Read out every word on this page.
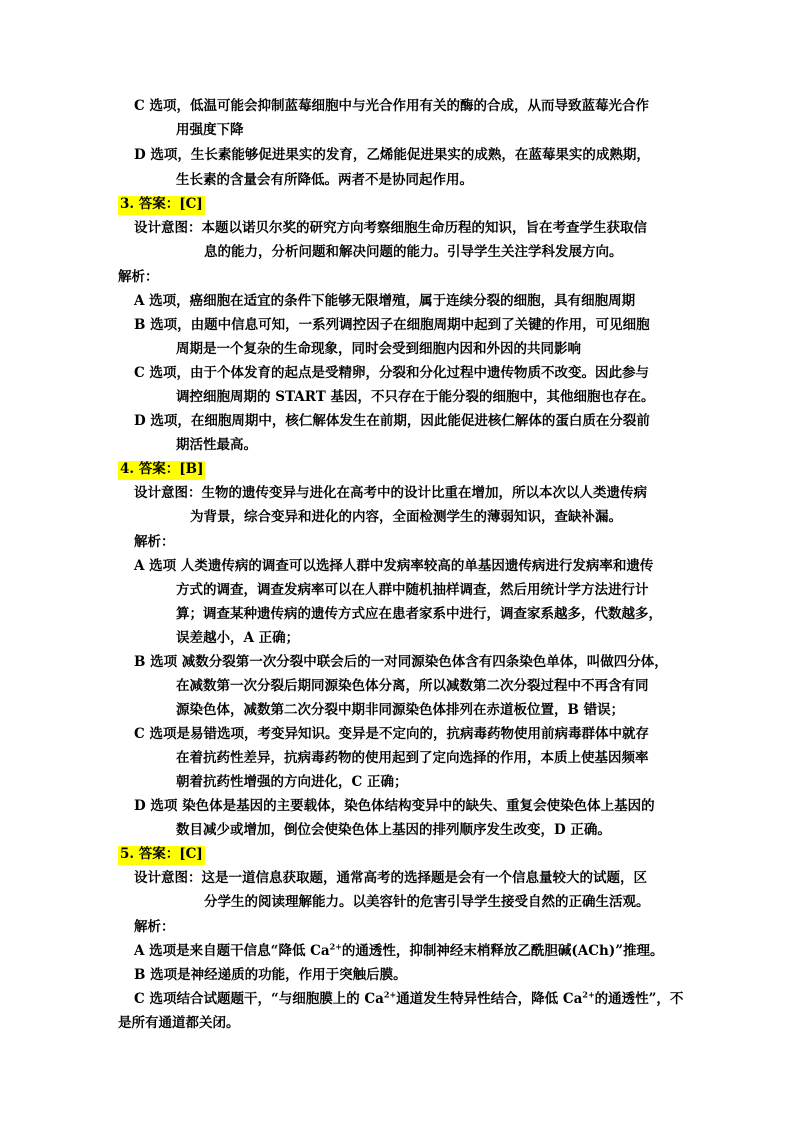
C 选项，低温可能会抑制蓝莓细胞中与光合作用有关的酶的合成，从而导致蓝莓光合作
用强度下降
D 选项，生长素能够促进果实的发育，乙烯能促进果实的成熟，在蓝莓果实的成熟期，
生长素的含量会有所降低。两者不是协同起作用。
3. 答案：[C]
设计意图：本题以诺贝尔奖的研究方向考察细胞生命历程的知识，旨在考查学生获取信
息的能力，分析问题和解决问题的能力。引导学生关注学科发展方向。
解析：
A 选项，癌细胞在适宜的条件下能够无限增殖，属于连续分裂的细胞，具有细胞周期
B 选项，由题中信息可知，一系列调控因子在细胞周期中起到了关键的作用，可见细胞
周期是一个复杂的生命现象，同时会受到细胞内因和外因的共同影响
C 选项，由于个体发育的起点是受精卵，分裂和分化过程中遗传物质不改变。因此参与
调控细胞周期的 START 基因，不只存在于能分裂的细胞中，其他细胞也存在。
D 选项，在细胞周期中，核仁解体发生在前期，因此能促进核仁解体的蛋白质在分裂前
期活性最高。
4. 答案：[B]
设计意图：生物的遗传变异与进化在高考中的设计比重在增加，所以本次以人类遗传病
为背景，综合变异和进化的内容，全面检测学生的薄弱知识，查缺补漏。
解析：
A 选项 人类遗传病的调查可以选择人群中发病率较高的单基因遗传病进行发病率和遗传
方式的调查，调查发病率可以在人群中随机抽样调查，然后用统计学方法进行计
算；调查某种遗传病的遗传方式应在患者家系中进行，调查家系越多，代数越多，
误差越小，A 正确；
B 选项 减数分裂第一次分裂中联会后的一对同源染色体含有四条染色单体，叫做四分体，
在减数第一次分裂后期同源染色体分离，所以减数第二次分裂过程中不再含有同
源染色体，减数第二次分裂中期非同源染色体排列在赤道板位置，B 错误；
C 选项是易错选项，考变异知识。变异是不定向的，抗病毒药物使用前病毒群体中就存
在着抗药性差异，抗病毒药物的使用起到了定向选择的作用，本质上使基因频率
朝着抗药性增强的方向进化，C 正确；
D 选项 染色体是基因的主要载体，染色体结构变异中的缺失、重复会使染色体上基因的
数目减少或增加，倒位会使染色体上基因的排列顺序发生改变，D 正确。
5. 答案：[C]
设计意图：这是一道信息获取题，通常高考的选择题是会有一个信息量较大的试题，区
分学生的阅读理解能力。以美容针的危害引导学生接受自然的正确生活观。
解析：
A 选项是来自题干信息“降低 $Ca^{2+}$的通透性，抑制神经末梢释放乙酰胆碱(ACh)”推理。
B 选项是神经递质的功能，作用于突触后膜。
C 选项结合试题题干，“与细胞膜上的 $Ca^{2+}$通道发生特异性结合，降低 $Ca^{2+}$的通透性”，不
是所有通道都关闭。
